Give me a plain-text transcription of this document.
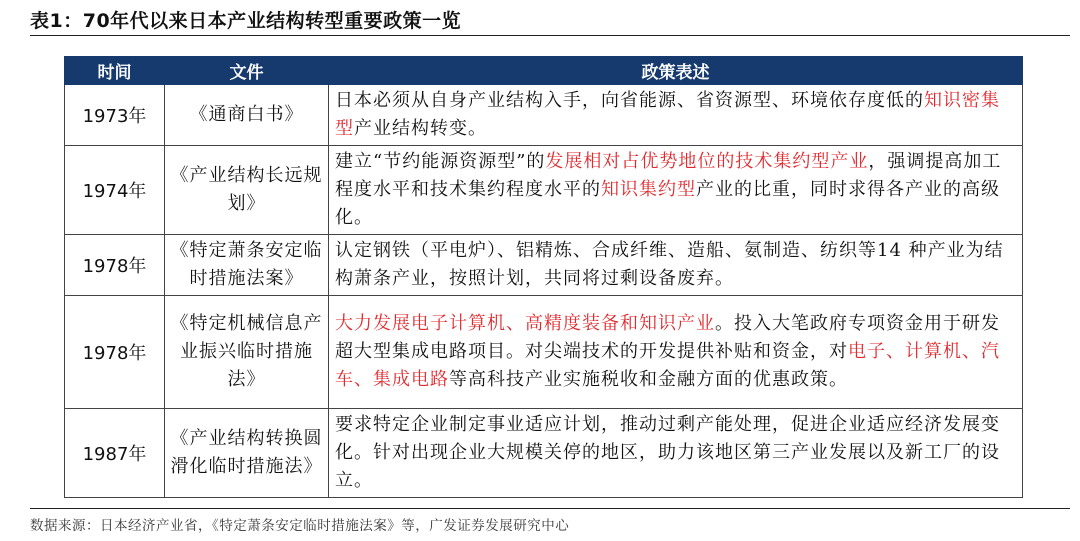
表1：70年代以来日本产业结构转型重要政策一览
时间	文件	政策表述
1973年	《通商白书》	日本必须从自身产业结构入手，向省能源、省资源型、环境依存度低的知识密集型产业结构转变。
1974年	《产业结构长远规划》	建立“节约能源资源型”的发展相对占优势地位的技术集约型产业，强调提高加工程度水平和技术集约程度水平的知识集约型产业的比重，同时求得各产业的高级化。
1978年	《特定萧条安定临时措施法案》	认定钢铁（平电炉）、铝精炼、合成纤维、造船、氨制造、纺织等14 种产业为结构萧条产业，按照计划，共同将过剩设备废弃。
1978年	《特定机械信息产业振兴临时措施法》	大力发展电子计算机、高精度装备和知识产业。投入大笔政府专项资金用于研发超大型集成电路项目。对尖端技术的开发提供补贴和资金，对电子、计算机、汽车、集成电路等高科技产业实施税收和金融方面的优惠政策。
1987年	《产业结构转换圆滑化临时措施法》	要求特定企业制定事业适应计划，推动过剩产能处理，促进企业适应经济发展变化。针对出现企业大规模关停的地区，助力该地区第三产业发展以及新工厂的设立。
数据来源：日本经济产业省，《特定萧条安定临时措施法案》等，广发证券发展研究中心
